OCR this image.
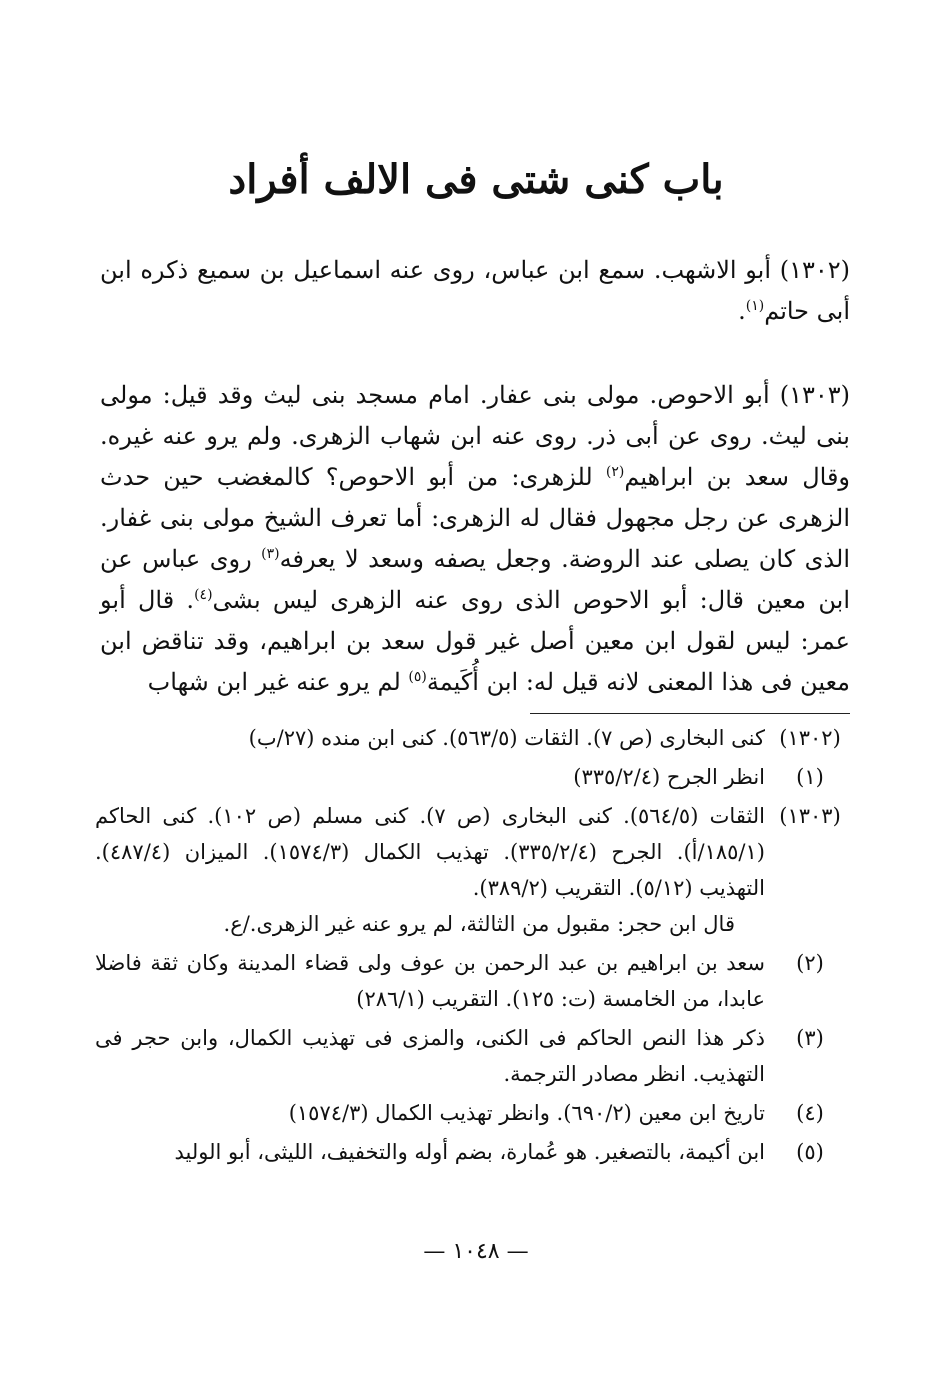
باب كنى شتى فى الالف أفراد
(١٣٠٢) أبو الاشهب. سمع ابن عباس، روى عنه اسماعيل بن سميع ذكره ابن أبى حاتم$^{(١)}$.
(١٣٠٣) أبو الاحوص. مولى بنى عفار. امام مسجد بنى ليث وقد قيل: مولى بنى ليث. روى عن أبى ذر. روى عنه ابن شهاب الزهرى. ولم يرو عنه غيره. وقال سعد بن ابراهيم$^{(٢)}$ للزهرى: من أبو الاحوص؟ كالمغضب حين حدث الزهرى عن رجل مجهول فقال له الزهرى: أما تعرف الشيخ مولى بنى غفار. الذى كان يصلى عند الروضة. وجعل يصفه وسعد لا يعرفه$^{(٣)}$ روى عباس عن ابن معين قال: أبو الاحوص الذى روى عنه الزهرى ليس بشى$^{(٤)}$. قال أبو عمر: ليس لقول ابن معين أصل غير قول سعد بن ابراهيم، وقد تناقض ابن معين فى هذا المعنى لانه قيل له: ابن أُكَيمة$^{(٥)}$ لم يرو عنه غير ابن شهاب
(١٣٠٢)
كنى البخارى (ص ٧). الثقات (٥٦٣/٥). كنى ابن منده (٢٧/ب)
(١)
انظر الجرح (٣٣٥/٢/٤)
(١٣٠٣)
الثقات (٥٦٤/٥). كنى البخارى (ص ٧). كنى مسلم (ص ١٠٢). كنى الحاكم (١٨٥/١/أ). الجرح (٣٣٥/٢/٤). تهذيب الكمال (١٥٧٤/٣). الميزان (٤٨٧/٤). التهذيب (٥/١٢). التقريب (٣٨٩/٢).
قال ابن حجر: مقبول من الثالثة، لم يرو عنه غير الزهرى./ع.
(٢)
سعد بن ابراهيم بن عبد الرحمن بن عوف ولى قضاء المدينة وكان ثقة فاضلا عابدا، من الخامسة (ت: ١٢٥). التقريب (٢٨٦/١)
(٣)
ذكر هذا النص الحاكم فى الكنى، والمزى فى تهذيب الكمال، وابن حجر فى التهذيب. انظر مصادر الترجمة.
(٤)
تاريخ ابن معين (٦٩٠/٢). وانظر تهذيب الكمال (١٥٧٤/٣)
(٥)
ابن أكيمة، بالتصغير. هو عُمارة، بضم أوله والتخفيف، الليثى، أبو الوليد
— ١٠٤٨ —
